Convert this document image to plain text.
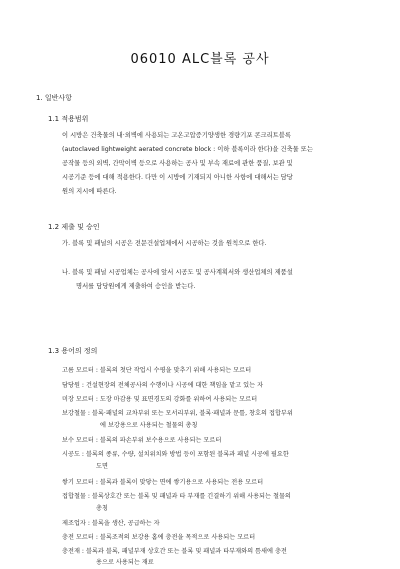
06010 ALC블록 공사
1. 일반사항
1.1 적용범위
이 시방은 건축물의 내·외벽에 사용되는 고온고압증기양생한 경량기포 콘크리트블록
(autoclaved lightweight aerated concrete block : 이하 블록이라 한다)을 건축물 또는
공작물 등의 외벽, 간막이벽 등으로 사용하는 공사 및 부속 재료에 관한 품질, 보관 및
시공기준 등에 대해 적용한다. 다만 이 시방에 기재되지 아니한 사항에 대해서는 담당
원의 지시에 따른다.
1.2 제출 및 승인
가. 블록 및 패널의 시공은 전문건설업체에서 시공하는 것을 원칙으로 한다.
나. 블록 및 패널 시공업체는 공사에 앞서 시공도 및 공사계획서와 생산업체의 제품설
명서를 담당원에게 제출하여 승인을 받는다.
1.3 용어의 정의
고름 모르터 : 블록의 첫단 작업시 수평을 맞추기 위해 사용되는 모르터
담당원 : 건설현장의 전체공사의 수행이나 시공에 대한 책임을 맡고 있는 자
미장 모르터 : 도장 마감용 및 표면경도의 강화를 위하여 사용되는 모르터
보강철물 : 블록·패널의 교차부위 또는 모서리부위, 블록·패널과 문틀, 창호의 접합부위
에 보강용으로 사용되는 철물의 총칭
보수 모르터 : 블록의 파손부위 보수용으로 사용되는 모르터
시공도 : 블록의 종류, 수량, 설치위치와 방법 등이 포함된 블록과 패널 시공에 필요한
도면
쌓기 모르터 : 블록과 블록이 맞닿는 면에 쌓기용으로 사용되는 전용 모르터
접합철물 : 블록상호간 또는 블록 및 패널과 타 부재를 긴결하기 위해 사용되는 철물의
총칭
제조업자 : 블록을 생산, 공급하는 자
충전 모르터 : 블록조적의 보강용 홈에 충전을 목적으로 사용되는 모르터
충전재 : 블록과 블록, 패널부재 상호간 또는 블록 및 패널과 타부재와의 틈새에 충전
용으로 사용되는 재료
